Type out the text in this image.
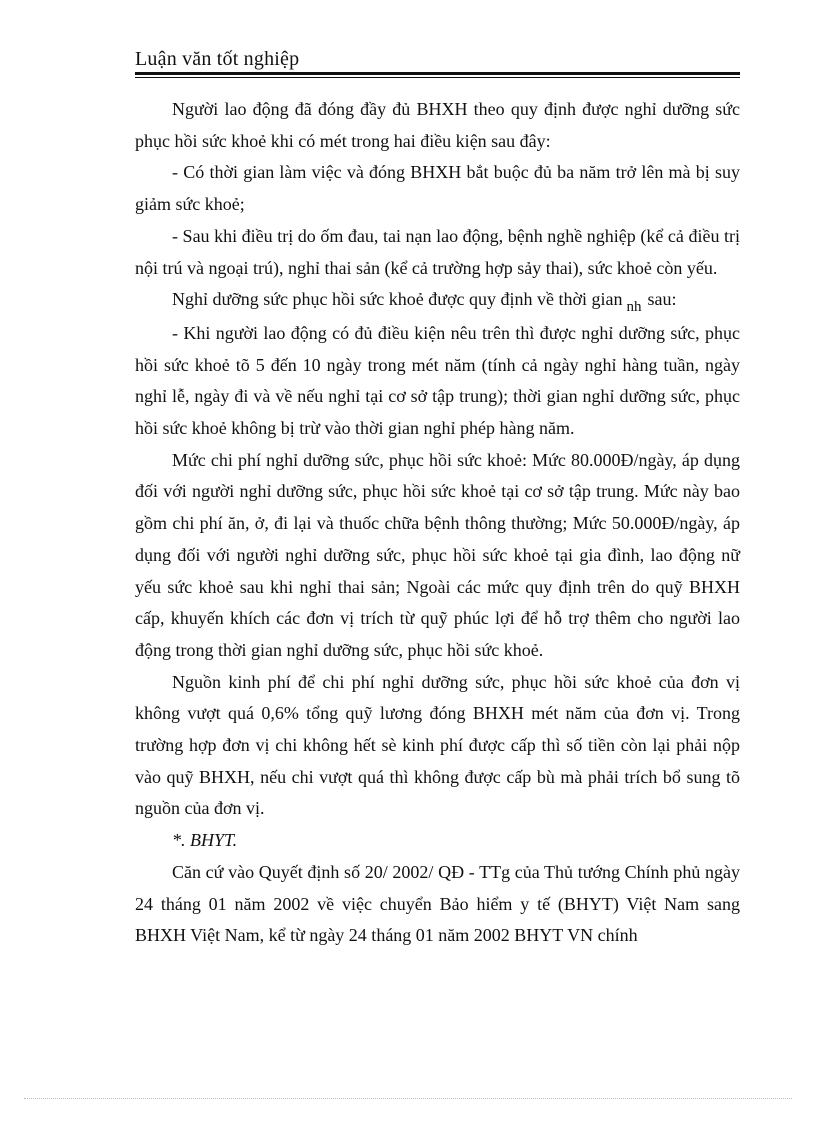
Luận văn tốt nghiệp

Người lao động đã đóng đầy đủ BHXH theo quy định được nghỉ dưỡng sức phục hồi sức khoẻ khi có mét trong hai điều kiện sau đây:

- Có thời gian làm việc và đóng BHXH bắt buộc đủ ba năm trở lên mà bị suy giảm sức khoẻ;

- Sau khi điều trị do ốm đau, tai nạn lao động, bệnh nghề nghiệp (kể cả điều trị nội trú và ngoại trú), nghỉ thai sản (kể cả trường hợp sảy thai), sức khoẻ còn yếu.

Nghỉ dưỡng sức phục hồi sức khoẻ được quy định về thời gian $_{nh}$ sau:

- Khi người lao động có đủ điều kiện nêu trên thì được nghỉ dưỡng sức, phục hồi sức khoẻ tõ 5 đến 10 ngày trong mét năm (tính cả ngày nghỉ hàng tuần, ngày nghỉ lễ, ngày đi và về nếu nghỉ tại cơ sở tập trung); thời gian nghỉ dưỡng sức, phục hồi sức khoẻ không bị trừ vào thời gian nghỉ phép hàng năm.

Mức chi phí nghỉ dưỡng sức, phục hồi sức khoẻ: Mức 80.000Đ/ngày, áp dụng đối với người nghỉ dưỡng sức, phục hồi sức khoẻ tại cơ sở tập trung. Mức này bao gồm chi phí ăn, ở, đi lại và thuốc chữa bệnh thông thường; Mức 50.000Đ/ngày, áp dụng đối với người nghỉ dưỡng sức, phục hồi sức khoẻ tại gia đình, lao động nữ yếu sức khoẻ sau khi nghỉ thai sản; Ngoài các mức quy định trên do quỹ BHXH cấp, khuyến khích các đơn vị trích từ quỹ phúc lợi để hỗ trợ thêm cho người lao động trong thời gian nghỉ dưỡng sức, phục hồi sức khoẻ.

Nguồn kinh phí để chi phí nghỉ dưỡng sức, phục hồi sức khoẻ của đơn vị không vượt quá 0,6% tổng quỹ lương đóng BHXH mét năm của đơn vị. Trong trường hợp đơn vị chi không hết sè kinh phí được cấp thì số tiền còn lại phải nộp vào quỹ BHXH, nếu chi vượt quá thì không được cấp bù mà phải trích bổ sung tõ nguồn của đơn vị.

*. BHYT.

Căn cứ vào Quyết định số 20/ 2002/ QĐ - TTg của Thủ tướng Chính phủ ngày 24 tháng 01 năm 2002 về việc chuyển Bảo hiểm y tế (BHYT) Việt Nam sang BHXH Việt Nam, kể từ ngày 24 tháng 01 năm 2002 BHYT VN chính
